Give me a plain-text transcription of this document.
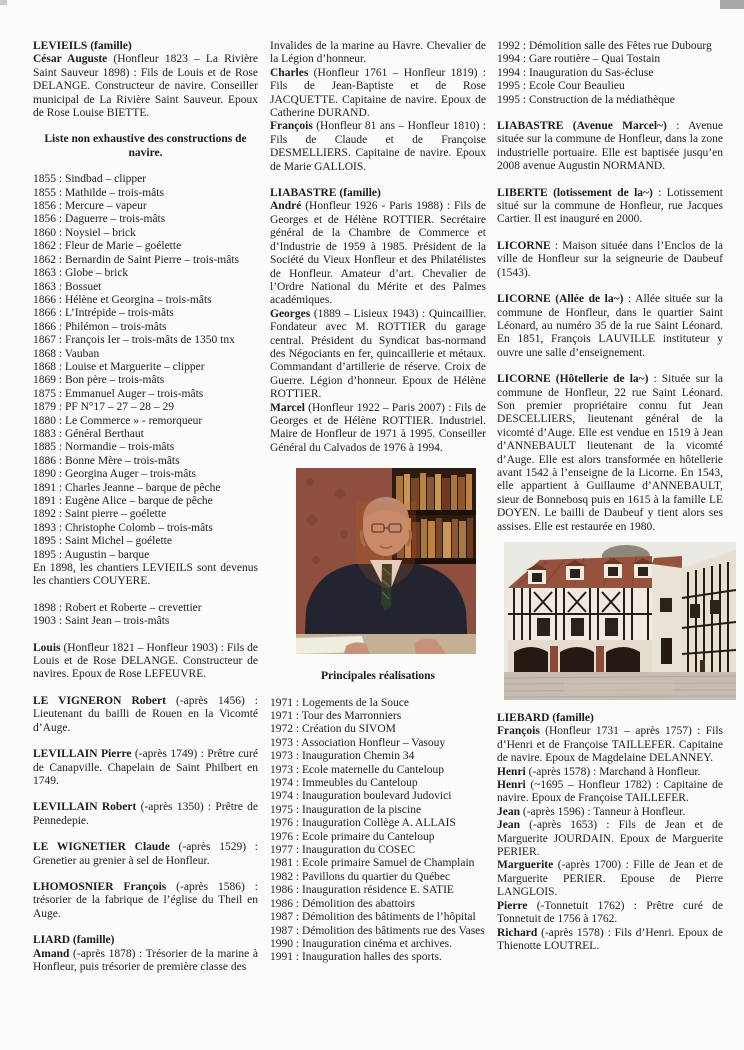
LEVIEILS (famille)

César Auguste (Honfleur 1823 – La Rivière Saint Sauveur 1898) : Fils de Louis et de Rose DELANGE. Constructeur de navire. Conseiller municipal de La Rivière Saint Sauveur. Epoux de Rose Louise BIETTE.

Liste non exhaustive des constructions de navire.

1855 : Sindbad – clipper
1855 : Mathilde – trois-mâts
1856 : Mercure – vapeur
1856 : Daguerre – trois-mâts
1860 : Noysiel – brick
1862 : Fleur de Marie – goélette
1862 : Bernardin de Saint Pierre – trois-mâts
1863 : Globe – brick
1863 : Bossuet
1866 : Hélène et Georgina – trois-mâts
1866 : L’Intrépide – trois-mâts
1866 : Philémon – trois-mâts
1867 : François Ier – trois-mâts de 1350 tnx
1868 : Vauban
1868 : Louise et Marguerite – clipper
1869 : Bon père – trois-mâts
1875 : Emmanuel Auger – trois-mâts
1879 : PF N°17 – 27 – 28 – 29
1880 : Le Commerce » - remorqueur
1883 : Général Berthaut
1885 : Normandie – trois-mâts
1886 : Bonne Mère – trois-mâts
1890 : Georgina Auger – trois-mâts
1891 : Charles Jeanne – barque de pêche
1891 : Eugène Alice – barque de pêche
1892 : Saint pierre – goélette
1893 : Christophe Colomb – trois-mâts
1895 : Saint Michel – goélette
1895 : Augustin – barque

En 1898, les chantiers LEVIEILS sont devenus les chantiers COUYERE.

1898 : Robert et Roberte – crevettier
1903 : Saint Jean – trois-mâts

Louis (Honfleur 1821 – Honfleur 1903) : Fils de Louis et de Rose DELANGE. Constructeur de navires. Epoux de Rose LEFEUVRE.

LE VIGNERON Robert (-après 1456) : Lieutenant du bailli de Rouen en la Vicomté d’Auge.

LEVILLAIN Pierre (-après 1749) : Prêtre curé de Canapville. Chapelain de Saint Philbert en 1749.

LEVILLAIN Robert (-après 1350) : Prêtre de Pennedepie.

LE WIGNETIER Claude (-après 1529) : Grenetier au grenier à sel de Honfleur.

LHOMOSNIER François (-après 1586) : trésorier de la fabrique de l’église du Theil en Auge.

LIARD (famille)

Amand (-après 1878) : Trésorier de la marine à Honfleur, puis trésorier de première classe des

Invalides de la marine au Havre. Chevalier de la Légion d’honneur.

Charles (Honfleur 1761 – Honfleur 1819) : Fils de Jean-Baptiste et de Rose JACQUETTE. Capitaine de navire. Epoux de Catherine DURAND.

François (Honfleur 81 ans – Honfleur 1810) : Fils de Claude et de Françoise DESMELLIERS. Capitaine de navire. Epoux de Marie GALLOIS.

LIABASTRE (famille)

André (Honfleur 1926 - Paris 1988) : Fils de Georges et de Hélène ROTTIER. Secrétaire général de la Chambre de Commerce et d’Industrie de 1959 à 1985. Président de la Société du Vieux Honfleur et des Philatélistes de Honfleur. Amateur d’art. Chevalier de l’Ordre National du Mérite et des Palmes académiques.

Georges (1889 – Lisieux 1943) : Quincaillier. Fondateur avec M. ROTTIER du garage central. Président du Syndicat bas-normand des Négociants en fer, quincaillerie et métaux. Commandant d’artillerie de réserve. Croix de Guerre. Légion d’honneur. Epoux de Hélène ROTTIER.

Marcel (Honfleur 1922 – Paris 2007) : Fils de Georges et de Hélène ROTTIER. Industriel. Maire de Honfleur de 1971 à 1995. Conseiller Général du Calvados de 1976 à 1994.

Principales réalisations

1971 : Logements de la Souce
1971 : Tour des Marronniers
1972 : Création du SIVOM
1973 : Association Honfleur – Vasouy
1973 : Inauguration Chemin 34
1973 : Ecole maternelle du Canteloup
1974 : Immeubles du Canteloup
1974 : Inauguration boulevard Judovici
1975 : Inauguration de la piscine
1976 : Inauguration Collège A. ALLAIS
1976 : Ecole primaire du Canteloup
1977 : Inauguration du COSEC
1981 : Ecole primaire Samuel de Champlain
1982 : Pavillons du quartier du Québec
1986 : Inauguration résidence E. SATIE
1986 : Démolition des abattoirs
1987 : Démolition des bâtiments de l’hôpital
1987 : Démolition des bâtiments rue des Vases
1990 : Inauguration cinéma et archives.
1991 : Inauguration halles des sports.
1992 : Démolition salle des Fêtes rue Dubourg
1994 : Gare routière – Quai Tostain
1994 : Inauguration du Sas-écluse
1995 : Ecole Cour Beaulieu
1995 : Construction de la médiathèque

LIABASTRE (Avenue Marcel~) : Avenue située sur la commune de Honfleur, dans la zone industrielle portuaire. Elle est baptisée jusqu’en 2008 avenue Augustin NORMAND.

LIBERTE (lotissement de la~) : Lotissement situé sur la commune de Honfleur, rue Jacques Cartier. Il est inauguré en 2000.

LICORNE : Maison située dans l’Enclos de la ville de Honfleur sur la seigneurie de Daubeuf (1543).

LICORNE (Allée de la~) : Allée située sur la commune de Honfleur, dans le quartier Saint Léonard, au numéro 35 de la rue Saint Léonard. En 1851, François LAUVILLE instituteur y ouvre une salle d’enseignement.

LICORNE (Hôtellerie de la~) : Située sur la commune de Honfleur, 22 rue Saint Léonard. Son premier propriétaire connu fut Jean DESCELLIERS, lieutenant général de la vicomté d’Auge. Elle est vendue en 1519 à Jean d’ANNEBAULT lieutenant de la vicomté d’Auge. Elle est alors transformée en hôtellerie avant 1542 à l’enseigne de la Licorne. En 1543, elle appartient à Guillaume d’ANNEBAULT, sieur de Bonnebosq puis en 1615 à la famille LE DOYEN. Le bailli de Daubeuf y tient alors ses assises. Elle est restaurée en 1980.

LIEBARD (famille)

François (Honfleur 1731 – après 1757) : Fils d’Henri et de Françoise TAILLEFER. Capitaine de navire. Epoux de Magdelaine DELANNEY.

Henri (-après 1578) : Marchand à Honfleur.

Henri (~1695 – Honfleur 1782) : Capitaine de navire. Epoux de Françoise TAILLEFER.

Jean (-après 1596) : Tanneur à Honfleur.

Jean (-après 1653) : Fils de Jean et de Marguerite JOURDAIN. Epoux de Marguerite PERIER.

Marguerite (-après 1700) : Fille de Jean et de Marguerite PERIER. Epouse de Pierre LANGLOIS.

Pierre (-Tonnetuit 1762) : Prêtre curé de Tonnetuit de 1756 à 1762.

Richard (-après 1578) : Fils d’Henri. Epoux de Thienotte LOUTREL.
